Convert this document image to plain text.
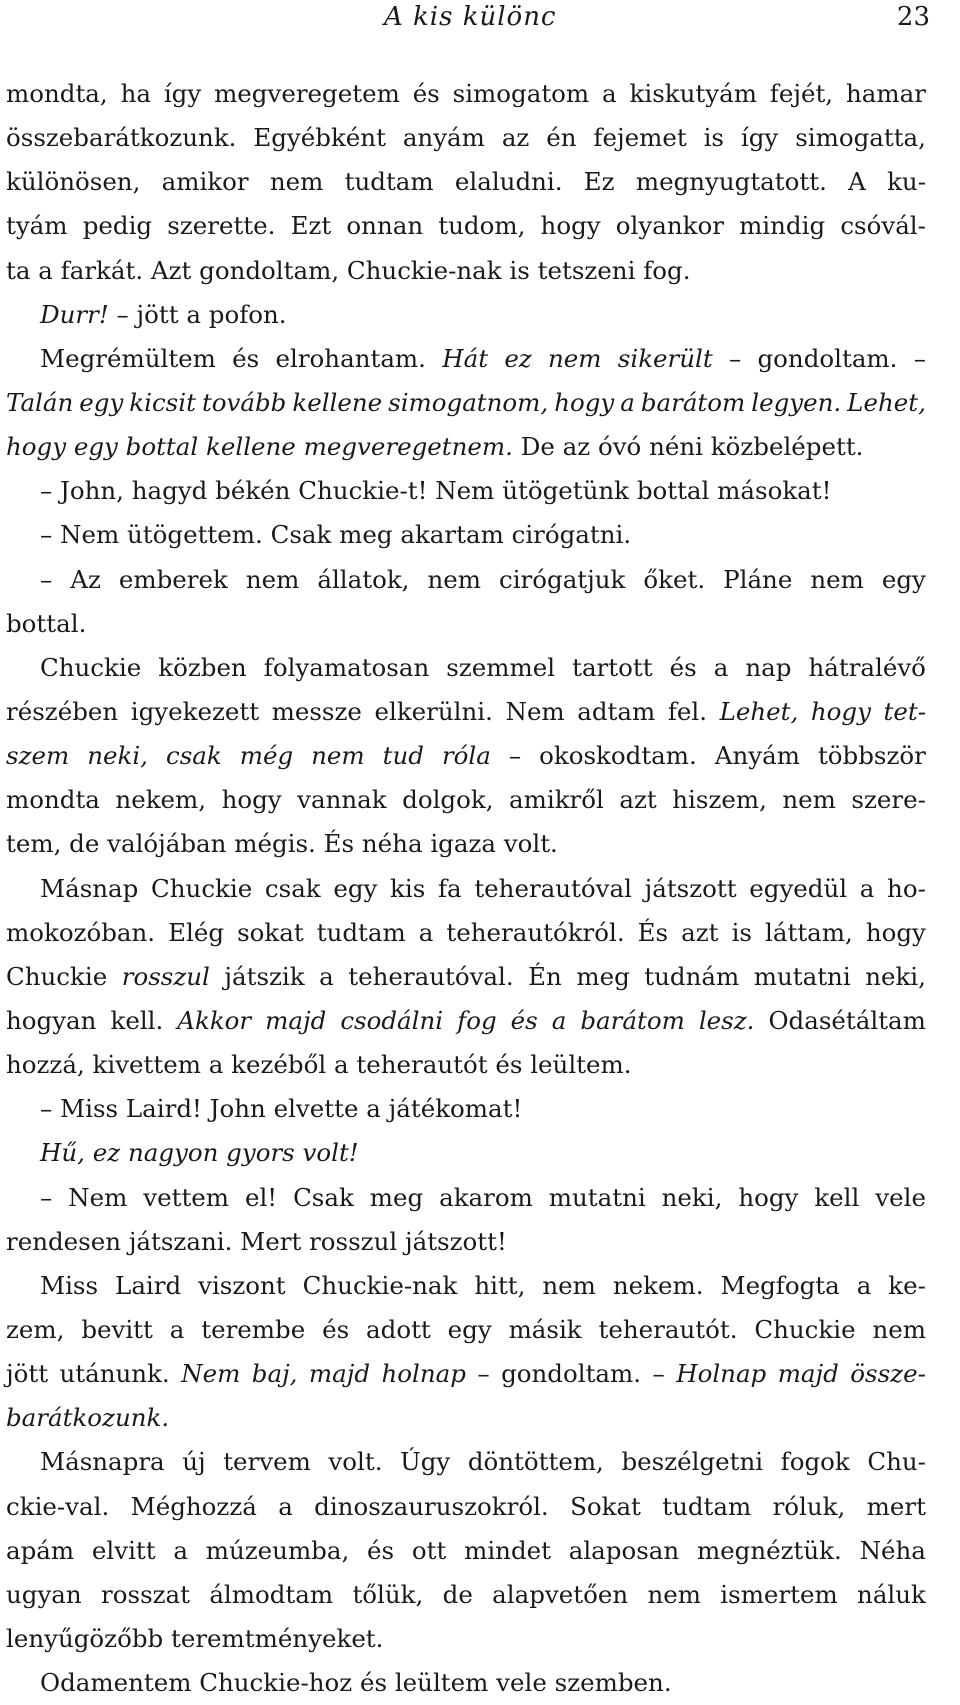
A kis különc	23
mondta, ha így megveregetem és simogatom a kiskutyám fejét, hamar
összebarátkozunk. Egyébként anyám az én fejemet is így simogatta,
különösen, amikor nem tudtam elaludni. Ez megnyugtatott. A ku-
tyám pedig szerette. Ezt onnan tudom, hogy olyankor mindig csóvál-
ta a farkát. Azt gondoltam, Chuckie-nak is tetszeni fog.
Durr! – jött a pofon.
Megrémültem és elrohantam. Hát ez nem sikerült – gondoltam. –
Talán egy kicsit tovább kellene simogatnom, hogy a barátom legyen. Lehet,
hogy egy bottal kellene megveregetnem. De az óvó néni közbelépett.
– John, hagyd békén Chuckie-t! Nem ütögetünk bottal másokat!
– Nem ütögettem. Csak meg akartam cirógatni.
– Az emberek nem állatok, nem cirógatjuk őket. Pláne nem egy
bottal.
Chuckie közben folyamatosan szemmel tartott és a nap hátralévő
részében igyekezett messze elkerülni. Nem adtam fel. Lehet, hogy tet-
szem neki, csak még nem tud róla – okoskodtam. Anyám többször
mondta nekem, hogy vannak dolgok, amikről azt hiszem, nem szere-
tem, de valójában mégis. És néha igaza volt.
Másnap Chuckie csak egy kis fa teherautóval játszott egyedül a ho-
mokozóban. Elég sokat tudtam a teherautókról. És azt is láttam, hogy
Chuckie rosszul játszik a teherautóval. Én meg tudnám mutatni neki,
hogyan kell. Akkor majd csodálni fog és a barátom lesz. Odasétáltam
hozzá, kivettem a kezéből a teherautót és leültem.
– Miss Laird! John elvette a játékomat!
Hű, ez nagyon gyors volt!
– Nem vettem el! Csak meg akarom mutatni neki, hogy kell vele
rendesen játszani. Mert rosszul játszott!
Miss Laird viszont Chuckie-nak hitt, nem nekem. Megfogta a ke-
zem, bevitt a terembe és adott egy másik teherautót. Chuckie nem
jött utánunk. Nem baj, majd holnap – gondoltam. – Holnap majd össze-
barátkozunk.
Másnapra új tervem volt. Úgy döntöttem, beszélgetni fogok Chu-
ckie-val. Méghozzá a dinoszauruszokról. Sokat tudtam róluk, mert
apám elvitt a múzeumba, és ott mindet alaposan megnéztük. Néha
ugyan rosszat álmodtam tőlük, de alapvetően nem ismertem náluk
lenyűgözőbb teremtményeket.
Odamentem Chuckie-hoz és leültem vele szemben.
